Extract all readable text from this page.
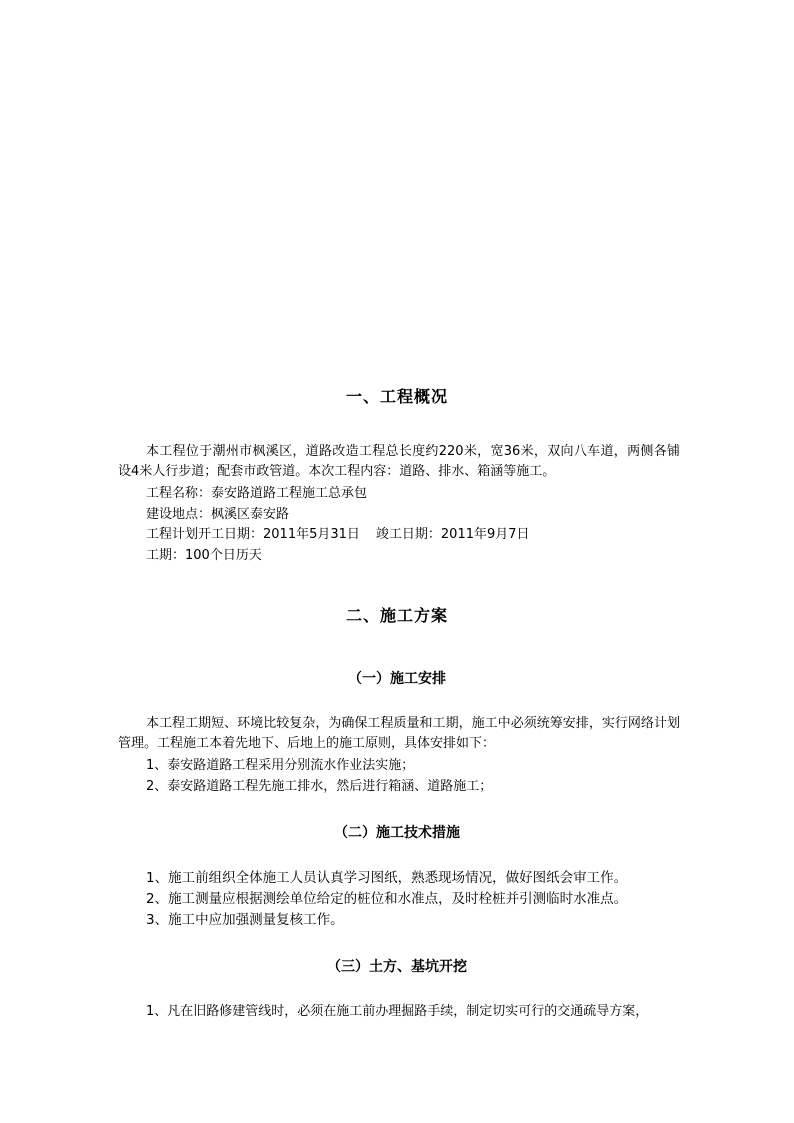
一、工程概况
本工程位于潮州市枫溪区，道路改造工程总长度约220米，宽36米，双向八车道，两侧各铺设4米人行步道；配套市政管道。本次工程内容：道路、排水、箱涵等施工。
工程名称：泰安路道路工程施工总承包
建设地点：枫溪区泰安路
工程计划开工日期：2011年5月31日 竣工日期：2011年9月7日
工期：100个日历天
二、施工方案
（一）施工安排
本工程工期短、环境比较复杂，为确保工程质量和工期，施工中必须统筹安排，实行网络计划管理。工程施工本着先地下、后地上的施工原则，具体安排如下：
1、泰安路道路工程采用分别流水作业法实施；
2、泰安路道路工程先施工排水，然后进行箱涵、道路施工；
（二）施工技术措施
1、施工前组织全体施工人员认真学习图纸，熟悉现场情况，做好图纸会审工作。
2、施工测量应根据测绘单位给定的桩位和水准点，及时栓桩并引测临时水准点。
3、施工中应加强测量复核工作。
（三）土方、基坑开挖
1、凡在旧路修建管线时，必须在施工前办理掘路手续，制定切实可行的交通疏导方案，
